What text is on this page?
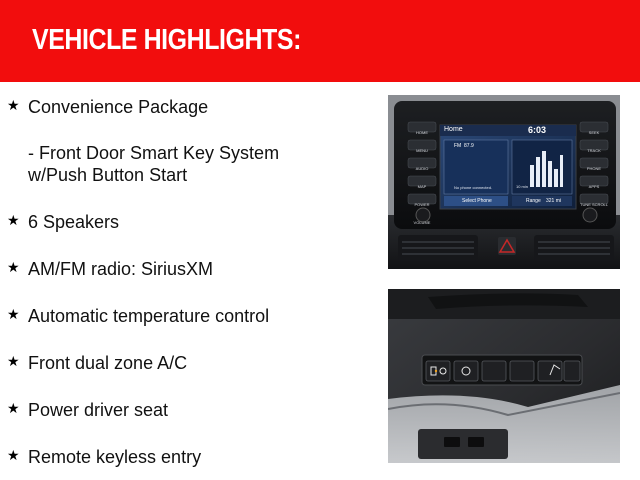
VEHICLE HIGHLIGHTS:
★ Convenience Package
- Front Door Smart Key System
w/Push Button Start
★ 6 Speakers
★ AM/FM radio: SiriusXM
★ Automatic temperature control
★ Front dual zone A/C
★ Power driver seat
★ Remote keyless entry
HOME
MENU
AUDIO
MAP
POWER VOLUME
SEEK
TRACK
PHONE
APPS
TUNE SCROLL
Home	6:03
FM  87.9
No phone connected.
Select Phone
10 min
Range 321 mi
